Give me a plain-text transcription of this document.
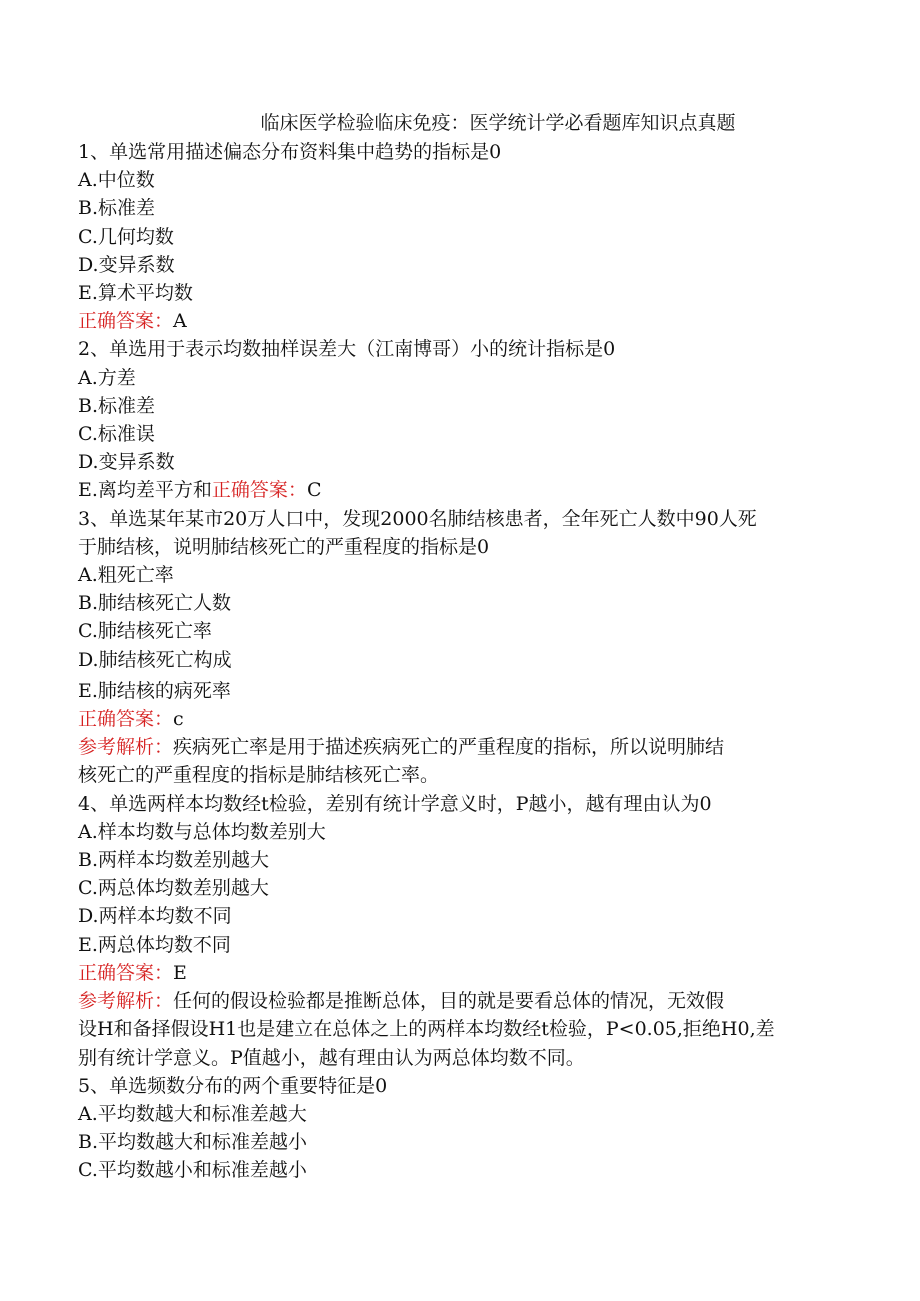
临床医学检验临床免疫：医学统计学必看题库知识点真题
1、单选常用描述偏态分布资料集中趋势的指标是0
A.中位数
B.标准差
C.几何均数
D.变异系数
E.算术平均数
正确答案：A
2、单选用于表示均数抽样误差大（江南博哥）小的统计指标是0
A.方差
B.标准差
C.标准误
D.变异系数
E.离均差平方和正确答案：C
3、单选某年某市20万人口中，发现2000名肺结核患者，全年死亡人数中90人死
于肺结核，说明肺结核死亡的严重程度的指标是0
A.粗死亡率
B.肺结核死亡人数
C.肺结核死亡率
D.肺结核死亡构成
E.肺结核的病死率
正确答案：c
参考解析：疾病死亡率是用于描述疾病死亡的严重程度的指标，所以说明肺结
核死亡的严重程度的指标是肺结核死亡率。
4、单选两样本均数经t检验，差别有统计学意义时，P越小，越有理由认为0
A.样本均数与总体均数差别大
B.两样本均数差别越大
C.两总体均数差别越大
D.两样本均数不同
E.两总体均数不同
正确答案：E
参考解析：任何的假设检验都是推断总体，目的就是要看总体的情况，无效假
设H和备择假设H1也是建立在总体之上的两样本均数经t检验，P<0.05,拒绝H0,差
别有统计学意义。P值越小，越有理由认为两总体均数不同。
5、单选频数分布的两个重要特征是0
A.平均数越大和标准差越大
B.平均数越大和标准差越小
C.平均数越小和标准差越小
